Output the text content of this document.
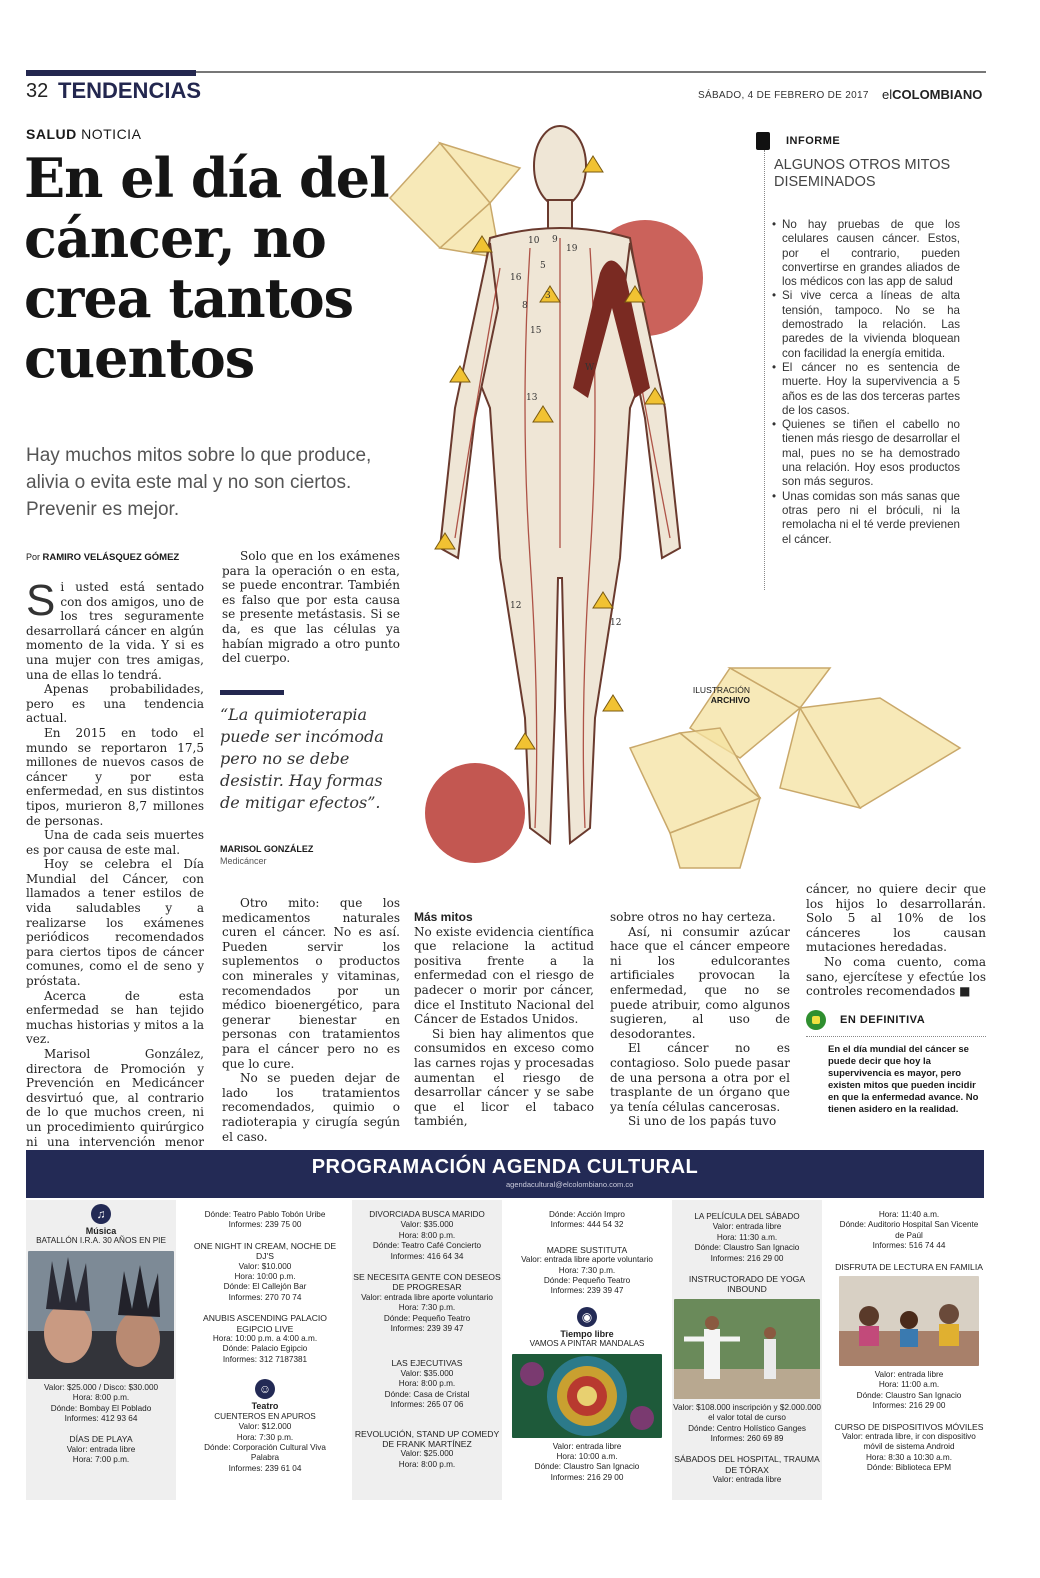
32 TENDENCIAS	SÁBADO, 4 DE FEBRERO DE 2017 elCOLOMBIANO
10 9
19
16
5
3
8
15
13
12
12
W
ILUSTRACIÓN
ARCHIVO
SALUD NOTICIA
En el día del cáncer, no crea tantos cuentos
Hay muchos mitos sobre lo que produce, alivia o evita este mal y no son ciertos. Prevenir es mejor.
Por RAMIRO VELÁSQUEZ GÓMEZ
S i usted está sentado con dos amigos, uno de los tres seguramente desarrollará cáncer en algún momento de la vida. Y si es una mujer con tres amigas, una de ellas lo tendrá.

Apenas probabilidades, pero es una tendencia actual.

En 2015 en todo el mundo se reportaron 17,5 millones de nuevos casos de cáncer y por esta enfermedad, en sus distintos tipos, murieron 8,7 millones de personas.

Una de cada seis muertes es por causa de este mal.

Hoy se celebra el Día Mundial del Cáncer, con llamados a tener estilos de vida saludables y a realizarse los exámenes periódicos recomendados para ciertos tipos de cáncer comunes, como el de seno y próstata.

Acerca de esta enfermedad se han tejido muchas historias y mitos a la vez.

Marisol González, directora de Promoción y Prevención en Medicáncer desvirtuó que, al contrario de lo que muchos creen, ni un procedimiento quirúrgico ni una intervención menor

Solo que en los exámenes para la operación o en esta, se puede encontrar. También es falso que por esta causa se presente metástasis. Si se da, es que las células ya habían migrado a otro punto del cuerpo.

“La quimioterapia puede ser incómoda pero no se debe desistir. Hay formas de mitigar efectos”.
MARISOL GONZÁLEZ
Medicáncer

Otro mito: que los medicamentos naturales curen el cáncer. No es así. Pueden servir los suplementos o productos con minerales y vitaminas, recomendados por un médico bioenergético, para generar bienestar en personas con tratamientos para el cáncer pero no es que lo cure.

No se pueden dejar de lado los tratamientos recomendados, quimio o radioterapia y cirugía según el caso.

Más mitos

No existe evidencia científica que relacione la actitud positiva frente a la enfermedad con el riesgo de padecer o morir por cáncer, dice el Instituto Nacional del Cáncer de Estados Unidos.

Si bien hay alimentos que consumidos en exceso como las carnes rojas y procesadas aumentan el riesgo de desarrollar cáncer y se sabe que el licor el tabaco también,

sobre otros no hay certeza.

Así, ni consumir azúcar hace que el cáncer empeore ni los edulcorantes artificiales provocan la enfermedad, que no se puede atribuir, como algunos sugieren, al uso de desodorantes.

El cáncer no es contagioso. Solo puede pasar de una persona a otra por el trasplante de un órgano que ya tenía células cancerosas.

Si uno de los papás tuvo

cáncer, no quiere decir que los hijos lo desarrollarán. Solo 5 al 10% de los cánceres los causan mutaciones heredadas.

No coma cuento, coma sano, ejercítese y efectúe los controles recomendados ■

EN DEFINITIVA
En el día mundial del cáncer se puede decir que hoy la supervivencia es mayor, pero existen mitos que pueden incidir en que la enfermedad avance. No tienen asidero en la realidad.
INFORME
ALGUNOS OTROS MITOS DISEMINADOS
• No hay pruebas de que los celulares causen cáncer. Estos, por el contrario, pueden convertirse en grandes aliados de los médicos con las app de salud
• Si vive cerca a líneas de alta tensión, tampoco. No se ha demostrado la relación. Las paredes de la vivienda bloquean con facilidad la energía emitida.
• El cáncer no es sentencia de muerte. Hoy la supervivencia a 5 años es de las dos terceras partes de los casos.
• Quienes se tiñen el cabello no tienen más riesgo de desarrollar el mal, pues no se ha demostrado una relación. Hoy esos productos son más seguros.
• Unas comidas son más sanas que otras pero ni el bróculi, ni la remolacha ni el té verde previenen el cáncer.
PROGRAMACIÓN AGENDA CULTURAL
agendacultural@elcolombiano.com.co
♫
Música
BATALLÓN I.R.A. 30 AÑOS EN PIE
Valor: $25.000 / Disco: $30.000
Hora: 8:00 p.m.
Dónde: Bombay El Poblado
Informes: 412 93 64
DÍAS DE PLAYA
Valor: entrada libre
Hora: 7:00 p.m.
Dónde: Teatro Pablo Tobón Uribe
Informes: 239 75 00
ONE NIGHT IN CREAM, NOCHE DE DJ'S
Valor: $10.000
Hora: 10:00 p.m.
Dónde: El Callejón Bar
Informes: 270 70 74
ANUBIS ASCENDING PALACIO EGIPCIO LIVE
Hora: 10:00 p.m. a 4:00 a.m.
Dónde: Palacio Egipcio
Informes: 312 7187381
☺
Teatro
CUENTEROS EN APUROS
Valor: $12.000
Hora: 7:30 p.m.
Dónde: Corporación Cultural Viva Palabra
Informes: 239 61 04
DIVORCIADA BUSCA MARIDO
Valor: $35.000
Hora: 8:00 p.m.
Dónde: Teatro Café Concierto
Informes: 416 64 34
SE NECESITA GENTE CON DESEOS DE PROGRESAR
Valor: entrada libre aporte voluntario
Hora: 7:30 p.m.
Dónde: Pequeño Teatro
Informes: 239 39 47
LAS EJECUTIVAS
Valor: $35.000
Hora: 8:00 p.m.
Dónde: Casa de Cristal
Informes: 265 07 06
REVOLUCIÓN, STAND UP COMEDY DE FRANK MARTÍNEZ
Valor: $25.000
Hora: 8:00 p.m.
Dónde: Acción Impro
Informes: 444 54 32
MADRE SUSTITUTA
Valor: entrada libre aporte voluntario
Hora: 7:30 p.m.
Dónde: Pequeño Teatro
Informes: 239 39 47
◉
Tiempo libre
VAMOS A PINTAR MANDALAS
Valor: entrada libre
Hora: 10:00 a.m.
Dónde: Claustro San Ignacio
Informes: 216 29 00
LA PELÍCULA DEL SÁBADO
Valor: entrada libre
Hora: 11:30 a.m.
Dónde: Claustro San Ignacio
Informes: 216 29 00
INSTRUCTORADO DE YOGA INBOUND
Valor: $108.000 inscripción y $2.000.000 el valor total de curso
Dónde: Centro Holístico Ganges
Informes: 260 69 89
SÁBADOS DEL HOSPITAL, TRAUMA DE TÓRAX
Valor: entrada libre
Hora: 11:40 a.m.
Dónde: Auditorio Hospital San Vicente de Paúl
Informes: 516 74 44
DISFRUTA DE LECTURA EN FAMILIA
Valor: entrada libre
Hora: 11:00 a.m.
Dónde: Claustro San Ignacio
Informes: 216 29 00
CURSO DE DISPOSITIVOS MÓVILES
Valor: entrada libre, ir con dispositivo móvil de sistema Android
Hora: 8:30 a 10:30 a.m.
Dónde: Biblioteca EPM
